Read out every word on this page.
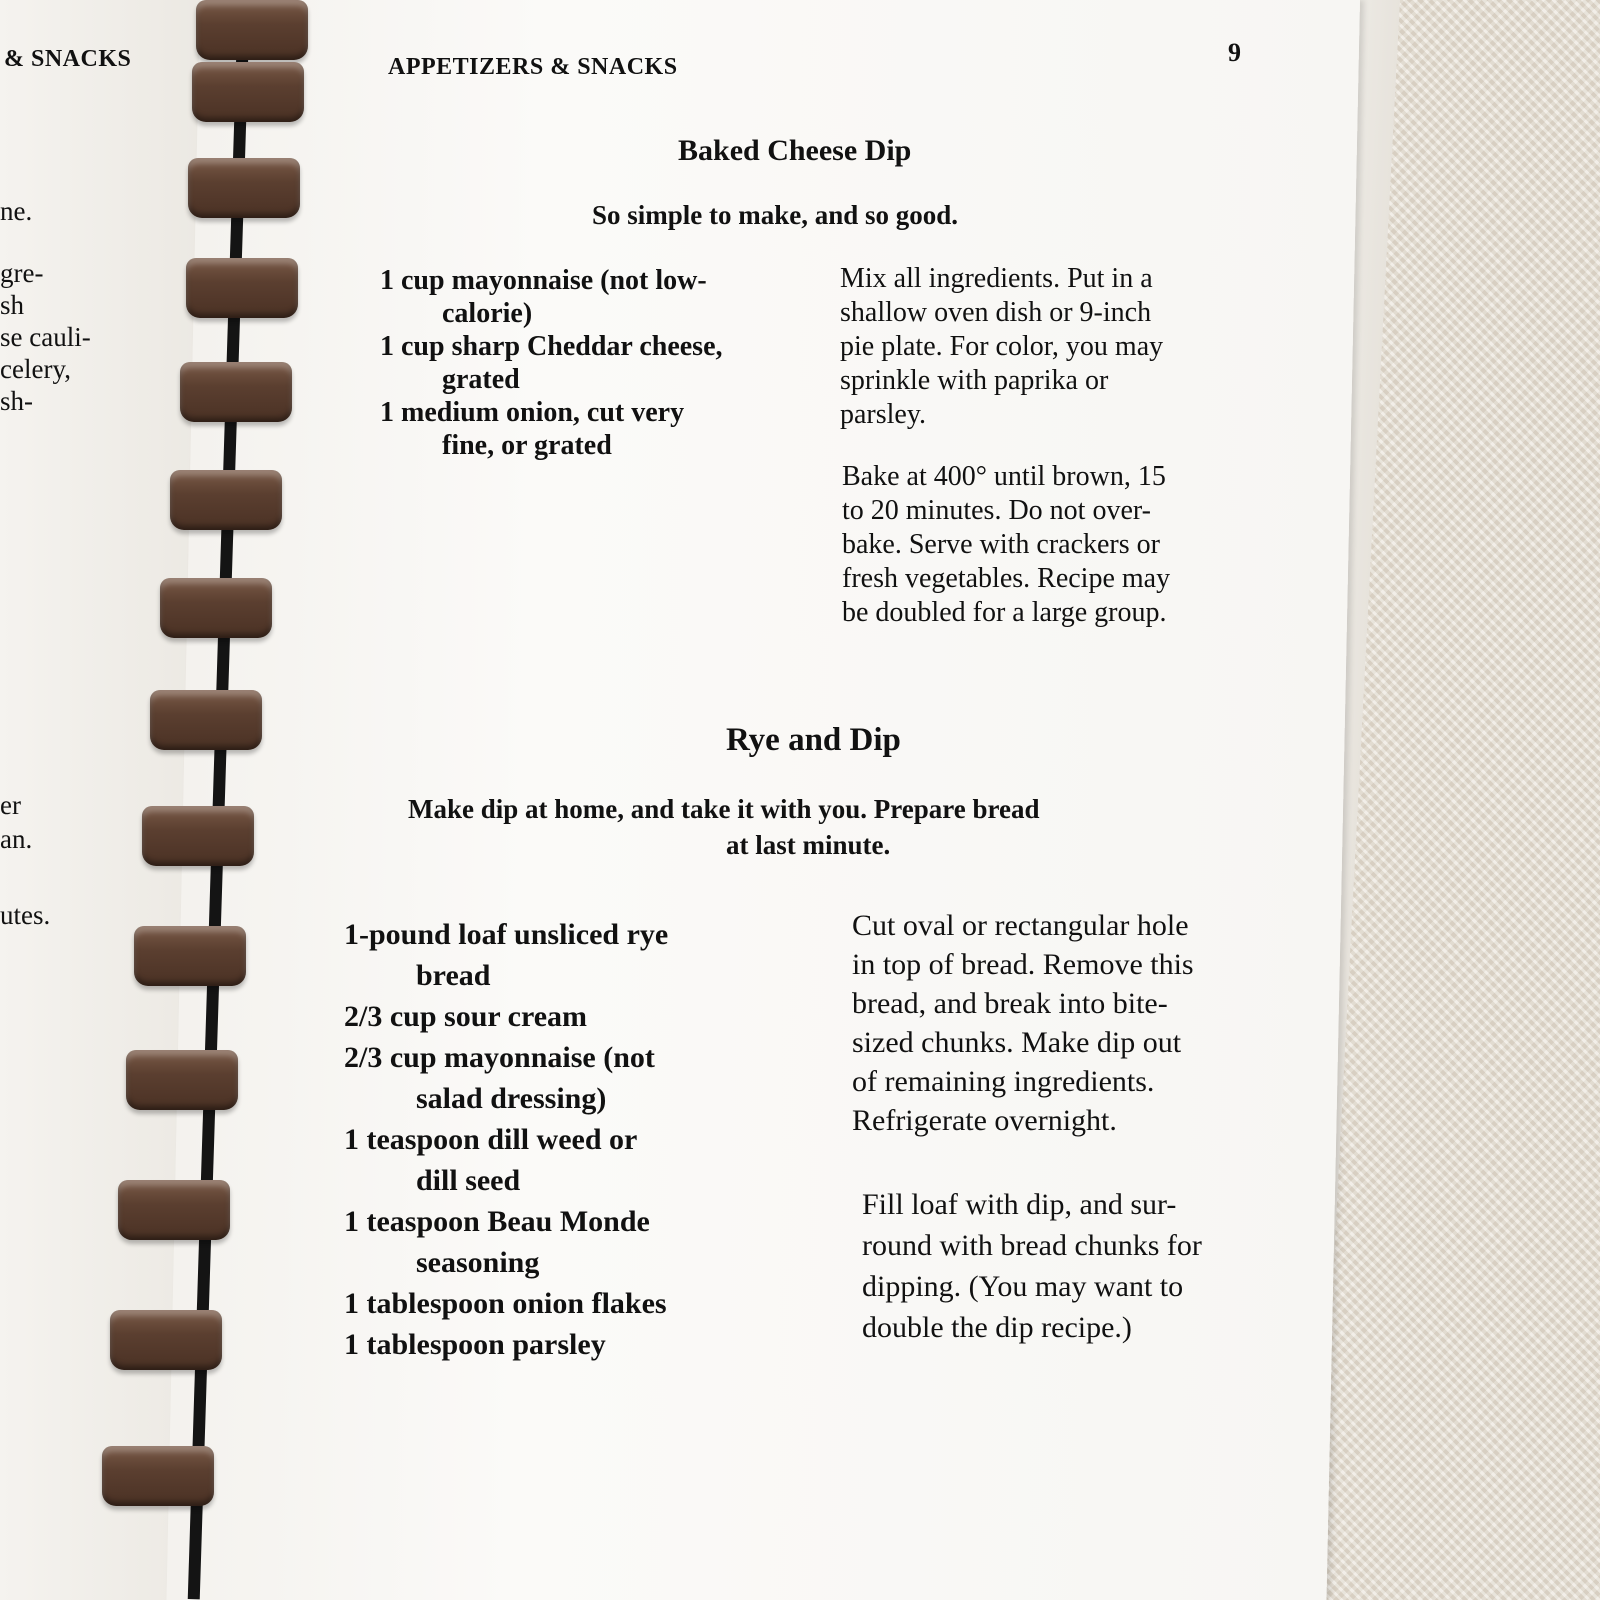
& SNACKS
ne.
gre-
sh
se cauli-
celery,
sh-
er
an.
utes.
APPETIZERS & SNACKS	9
Baked Cheese Dip
So simple to make, and so good.
1 cup mayonnaise (not low-
calorie)
1 cup sharp Cheddar cheese,
grated
1 medium onion, cut very
fine, or grated
Mix all ingredients. Put in a
shallow oven dish or 9-inch
pie plate. For color, you may
sprinkle with paprika or
parsley.
Bake at 400° until brown, 15
to 20 minutes. Do not over-
bake. Serve with crackers or
fresh vegetables. Recipe may
be doubled for a large group.
Rye and Dip
Make dip at home, and take it with you. Prepare bread
at last minute.
1-pound loaf unsliced rye
bread
2/3 cup sour cream
2/3 cup mayonnaise (not
salad dressing)
1 teaspoon dill weed or
dill seed
1 teaspoon Beau Monde
seasoning
1 tablespoon onion flakes
1 tablespoon parsley
Cut oval or rectangular hole
in top of bread. Remove this
bread, and break into bite-
sized chunks. Make dip out
of remaining ingredients.
Refrigerate overnight.
Fill loaf with dip, and sur-
round with bread chunks for
dipping. (You may want to
double the dip recipe.)
